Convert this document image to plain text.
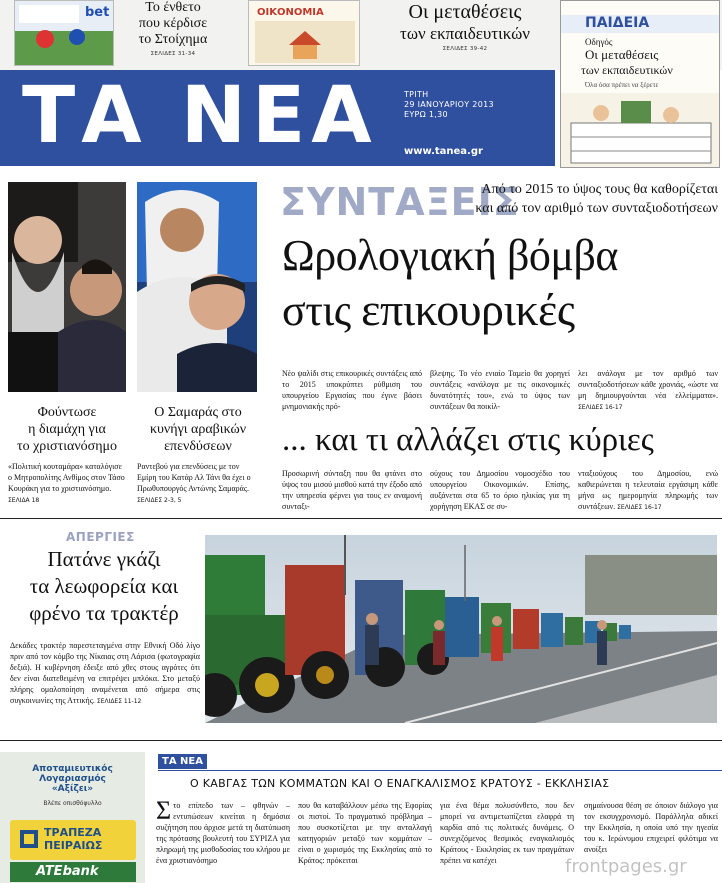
bet	Το ένθετο
που κέρδισε
το Στοίχημα
ΣΕΛΙΔΕΣ 31-34
ΟΙΚΟΝΟΜΙΑ	Οι μεταθέσεις
των εκπαιδευτικών
ΣΕΛΙΔΕΣ 39-42
ΤΑ ΝΕΑ	ΤΡΙΤΗ
29 ΙΑΝΟΥΑΡΙΟΥ 2013
ΕΥΡΩ 1,30
www.tanea.gr
ΠΑΙΔΕΙΑ
Οδηγός
Οι μεταθέσεις
των εκπαιδευτικών
Όλα όσα πρέπει να ξέρετε
Φούντωσε
η διαμάχη για
το χριστιανόσημο
«Πολιτική κουταμάρα» καταλόγισε ο Μητροπολίτης Ανθίμος στον Τάσο Κουράκη για το χριστιανόσημο. ΣΕΛΙΔΑ 18
Ο Σαμαράς στο
κυνήγι αραβικών
επενδύσεων
Ραντεβού για επενδύσεις με τον Εμίρη του Κατάρ Αλ Τάνι θα έχει ο Πρωθυπουργός Αντώνης Σαμαράς. ΣΕΛΙΔΕΣ 2-3, 5
ΣΥΝΤΑΞΕΙΣ
Από το 2015 το ύψος τους θα καθορίζεται
και από τον αριθμό των συνταξιοδοτήσεων
Ωρολογιακή βόμβα
στις επικουρικές
Νέο ψαλίδι στις επικουρικές συντάξεις από το 2015 υποκρύπτει ρύθμιση του υπουργείου Εργασίας που έγινε βάσει μνημονιακής πρό-
βλεψης. Το νέο ενιαίο Ταμείο θα χορηγεί συντάξεις «ανάλογα με τις οικονομικές δυνατότητές του», ενώ το ύψος των συντάξεων θα ποικίλ-
λει ανάλογα με τον αριθμό των συνταξιοδοτήσεων κάθε χρονιάς, «ώστε να μη δημιουργούνται νέα ελλείμματα». ΣΕΛΙΔΕΣ 16-17
... και τι αλλάζει στις κύριες
Προσωρινή σύνταξη που θα φτάνει στο ύψος του μισού μισθού κατά την έξοδο από την υπηρεσία φέρνει για τους εν αναμονή συνταξι-
ούχους του Δημοσίου νομοσχέδιο του υπουργείου Οικονομικών. Επίσης, αυξάνεται στα 65 το όριο ηλικίας για τη χορήγηση ΕΚΑΣ σε συ-
νταξιούχους του Δημοσίου, ενώ καθιερώνεται η τελευταία εργάσιμη κάθε μήνα ως ημερομηνία πληρωμής των συντάξεων. ΣΕΛΙΔΕΣ 16-17
ΑΠΕΡΓΙΕΣ
Πατάνε γκάζι
τα λεωφορεία και
φρένο τα τρακτέρ
Δεκάδες τρακτέρ παρεστεταγμένα στην Εθνική Οδό λίγο πριν από τον κόμβο της Νίκαιας στη Λάρισα (φωτογραφία δεξιά). Η κυβέρνηση έδειξε από χθες στους αγρότες ότι δεν είναι διατεθειμένη να επιτρέψει μπλόκα. Στο μεταξύ πλήρης ομαλοποίηση αναμένεται από σήμερα στις συγκοινωνίες της Αττικής. ΣΕΛΙΔΕΣ 11-12
Αποταμιευτικός
Λογαριασμός
«Αξίζει»
Βλέπε οπισθόφυλλο
ΤΡΑΠΕΖΑ
ΠΕΙΡΑΙΩΣ
ATEbank
ΤΑ ΝΕΑ
Ο ΚΑΒΓΑΣ ΤΩΝ ΚΟΜΜΑΤΩΝ ΚΑΙ Ο ΕΝΑΓΚΑΛΙΣΜΟΣ ΚΡΑΤΟΥΣ - ΕΚΚΛΗΣΙΑΣ
Σ το επίπεδο των – φθηνών – εντυπώσεων κινείται η δημόσια συζήτηση που άρχισε μετά τη διατύπωση της πρότασης βουλευτή του ΣΥΡΙΖΑ για πληρωμή της μισθοδοσίας του κλήρου με ένα χριστιανόσημο
που θα καταβάλλουν μέσω της Εφορίας οι πιστοί. Το πραγματικό πρόβλημα – που συσκοτίζεται με την ανταλλαγή κατηγοριών μεταξύ των κομμάτων – είναι ο χωρισμός της Εκκλησίας από το Κράτος: πρόκειται
για ένα θέμα πολυσύνθετο, που δεν μπορεί να αντιμετωπίζεται ελαφρά τη καρδία από τις πολιτικές δυνάμεις. Ο συνεχιζόμενος θεσμικός εναγκαλισμός Κράτους - Εκκλησίας εκ των πραγμάτων πρέπει να κατέχει
σημαίνουσα θέση σε όποιον διάλογο για τον εκσυγχρονισμό. Παράλληλα αδικεί την Εκκλησία, η οποία υπό την ηγεσία του κ. Ιερώνυμου επιχειρεί φιλότιμα να ανοίξει
frontpages.gr
